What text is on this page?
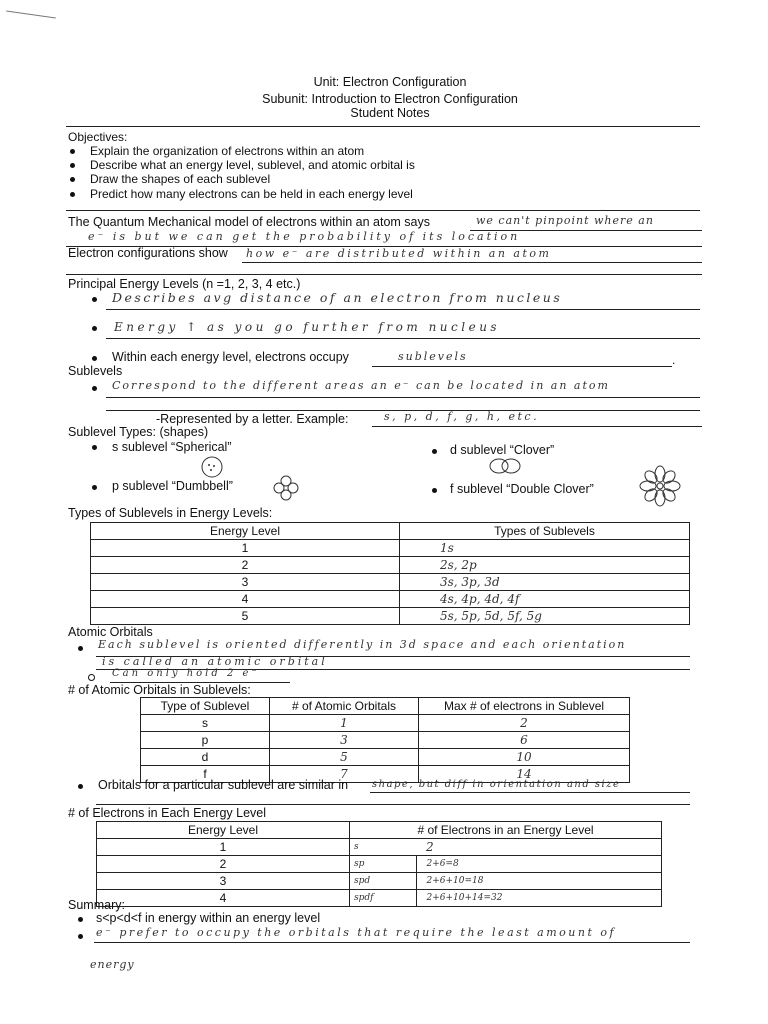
Unit: Electron Configuration
Subunit: Introduction to Electron Configuration
Student Notes
Objectives:
Explain the organization of electrons within an atom
Describe what an energy level, sublevel, and atomic orbital is
Draw the shapes of each sublevel
Predict how many electrons can be held in each energy level
The Quantum Mechanical model of electrons within an atom says	we can't pinpoint where an
e⁻ is but we can get the probability of its location
Electron configurations show how e⁻ are distributed within an atom
Principal Energy Levels (n =1, 2, 3, 4 etc.)
Describes avg distance of an electron from nucleus
Energy ↑ as you go further from nucleus
Within each energy level, electrons occupy	sublevels	.
Sublevels
Correspond to the different areas an e⁻ can be located in an atom
-Represented by a letter. Example:	s, p, d, f, g, h, etc.
Sublevel Types: (shapes)
s sublevel “Spherical”	d sublevel “Clover”
p sublevel “Dumbbell”	f sublevel “Double Clover”
Types of Sublevels in Energy Levels:
Energy Level	Types of Sublevels
1	1s
2	2s, 2p
3	3s, 3p, 3d
4	4s, 4p, 4d, 4f
5	5s, 5p, 5d, 5f, 5g
Atomic Orbitals
Each sublevel is oriented differently in 3d space and each orientation
is called an atomic orbital
Can only hold 2 e⁻
# of Atomic Orbitals in Sublevels:
Type of Sublevel	# of Atomic Orbitals	Max # of electrons in Sublevel
s	1	2
p	3	6
d	5	10
f	7	14
Orbitals for a particular sublevel are similar in shape, but diff in orientation and size
# of Electrons in Each Energy Level
Energy Level	# of Electrons in an Energy Level	
1	s	2
2	sp	2+6=8
3	spd	2+6+10=18
4	spdf	2+6+10+14=32
Summary:
s<p<d<f in energy within an energy level
e⁻ prefer to occupy the orbitals that require the least amount of
energy
